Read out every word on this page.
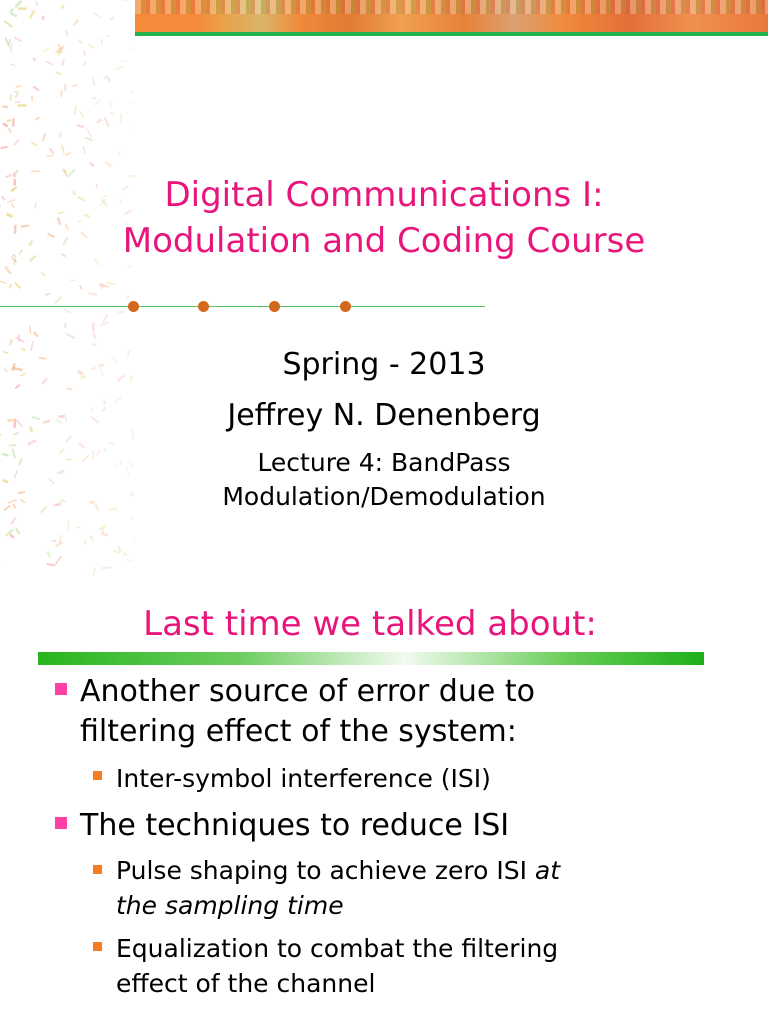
Digital Communications I:
Modulation and Coding Course
Spring - 2013
Jeffrey N. Denenberg
Lecture 4: BandPass
Modulation/Demodulation
Last time we talked about:
Another source of error due to
filtering effect of the system:
Inter-symbol interference (ISI)
The techniques to reduce ISI
Pulse shaping to achieve zero ISI at
the sampling time
Equalization to combat the filtering
effect of the channel
